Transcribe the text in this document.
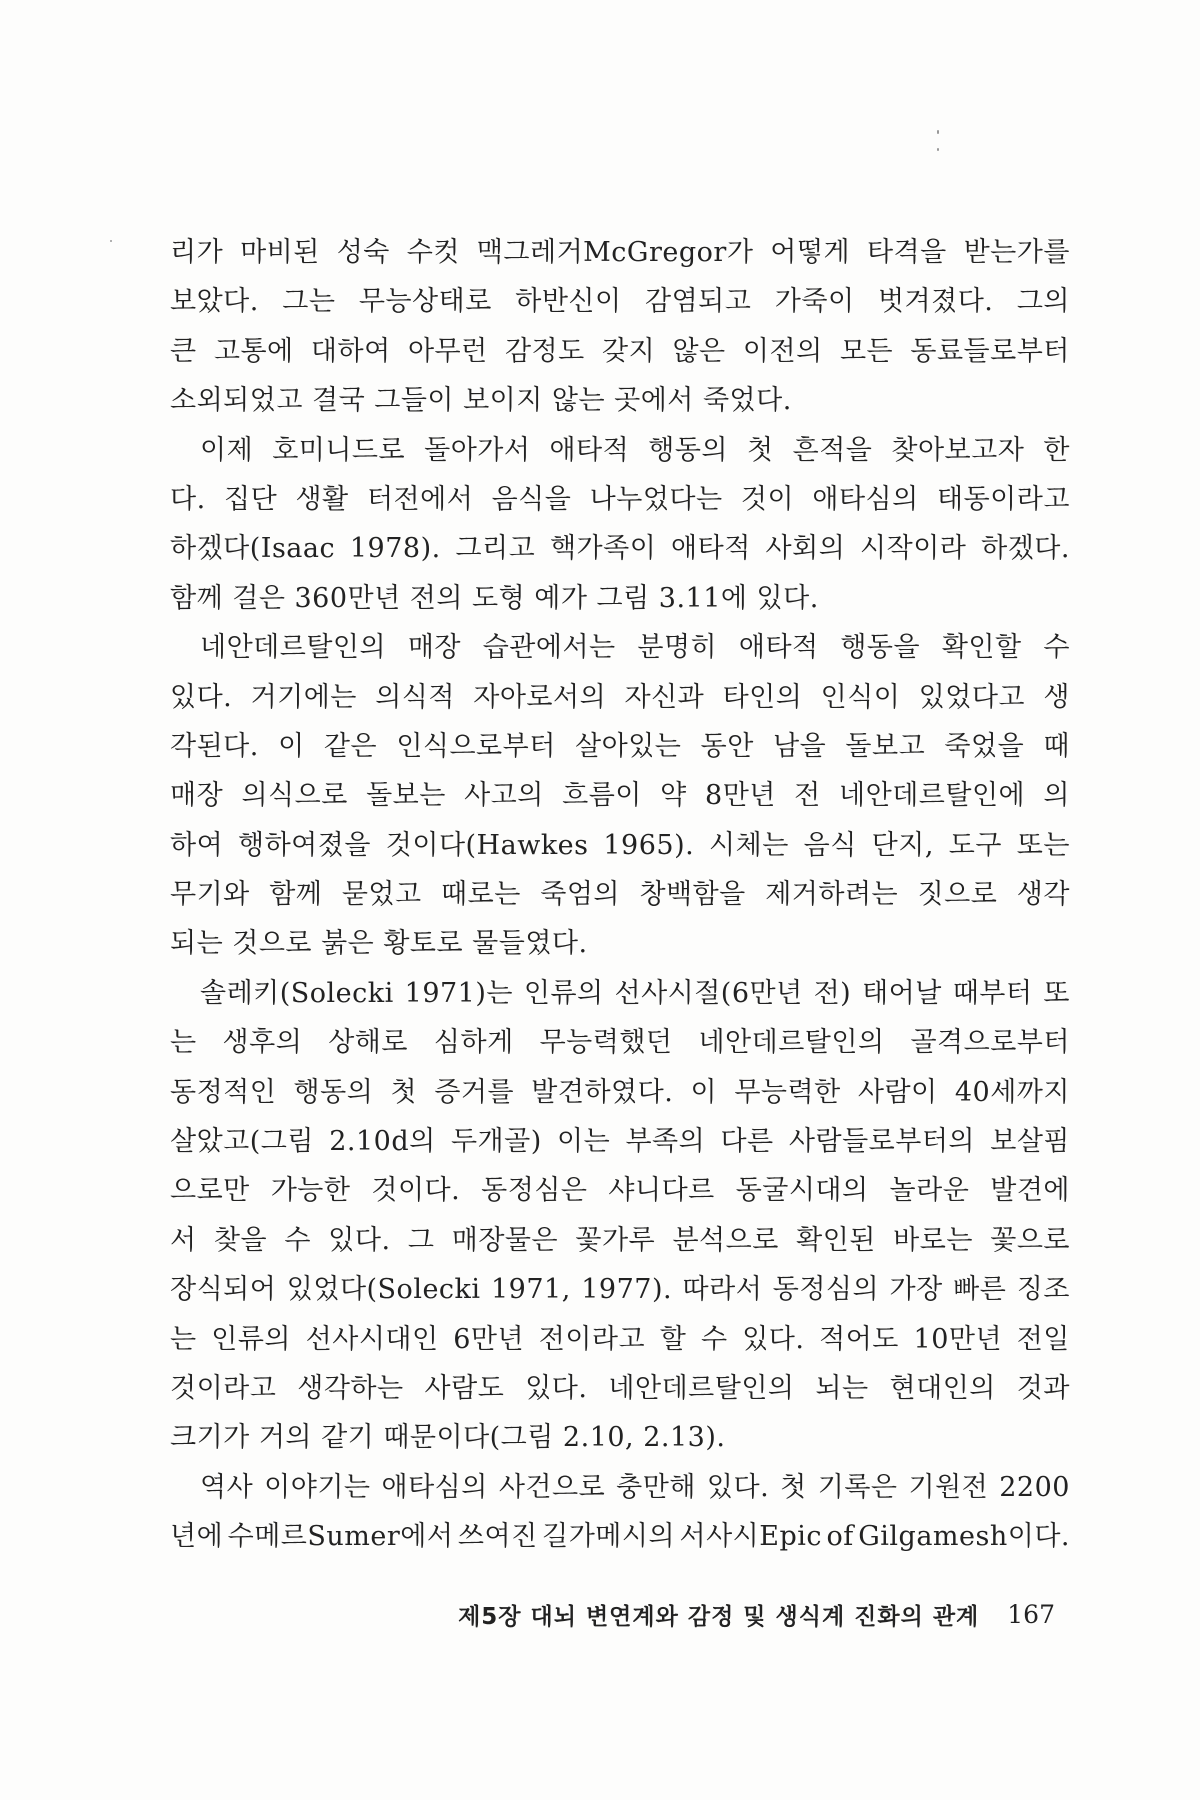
리가 마비된 성숙 수컷 맥그레거McGregor가 어떻게 타격을 받는가를
보았다. 그는 무능상태로 하반신이 감염되고 가죽이 벗겨졌다. 그의
큰 고통에 대하여 아무런 감정도 갖지 않은 이전의 모든 동료들로부터
소외되었고 결국 그들이 보이지 않는 곳에서 죽었다.
이제 호미니드로 돌아가서 애타적 행동의 첫 흔적을 찾아보고자 한
다. 집단 생활 터전에서 음식을 나누었다는 것이 애타심의 태동이라고
하겠다(Isaac 1978). 그리고 핵가족이 애타적 사회의 시작이라 하겠다.
함께 걸은 360만년 전의 도형 예가 그림 3.11에 있다.
네안데르탈인의 매장 습관에서는 분명히 애타적 행동을 확인할 수
있다. 거기에는 의식적 자아로서의 자신과 타인의 인식이 있었다고 생
각된다. 이 같은 인식으로부터 살아있는 동안 남을 돌보고 죽었을 때
매장 의식으로 돌보는 사고의 흐름이 약 8만년 전 네안데르탈인에 의
하여 행하여졌을 것이다(Hawkes 1965). 시체는 음식 단지, 도구 또는
무기와 함께 묻었고 때로는 죽엄의 창백함을 제거하려는 짓으로 생각
되는 것으로 붉은 황토로 물들였다.
솔레키(Solecki 1971)는 인류의 선사시절(6만년 전) 태어날 때부터 또
는 생후의 상해로 심하게 무능력했던 네안데르탈인의 골격으로부터
동정적인 행동의 첫 증거를 발견하였다. 이 무능력한 사람이 40세까지
살았고(그림 2.10d의 두개골) 이는 부족의 다른 사람들로부터의 보살핌
으로만 가능한 것이다. 동정심은 샤니다르 동굴시대의 놀라운 발견에
서 찾을 수 있다. 그 매장물은 꽃가루 분석으로 확인된 바로는 꽃으로
장식되어 있었다(Solecki 1971, 1977). 따라서 동정심의 가장 빠른 징조
는 인류의 선사시대인 6만년 전이라고 할 수 있다. 적어도 10만년 전일
것이라고 생각하는 사람도 있다. 네안데르탈인의 뇌는 현대인의 것과
크기가 거의 같기 때문이다(그림 2.10, 2.13).
역사 이야기는 애타심의 사건으로 충만해 있다. 첫 기록은 기원전 2200
년에 수메르Sumer에서 쓰여진 길가메시의 서사시Epic of Gilgamesh이다.
제5장 대뇌 변연계와 감정 및 생식계 진화의 관계 167
